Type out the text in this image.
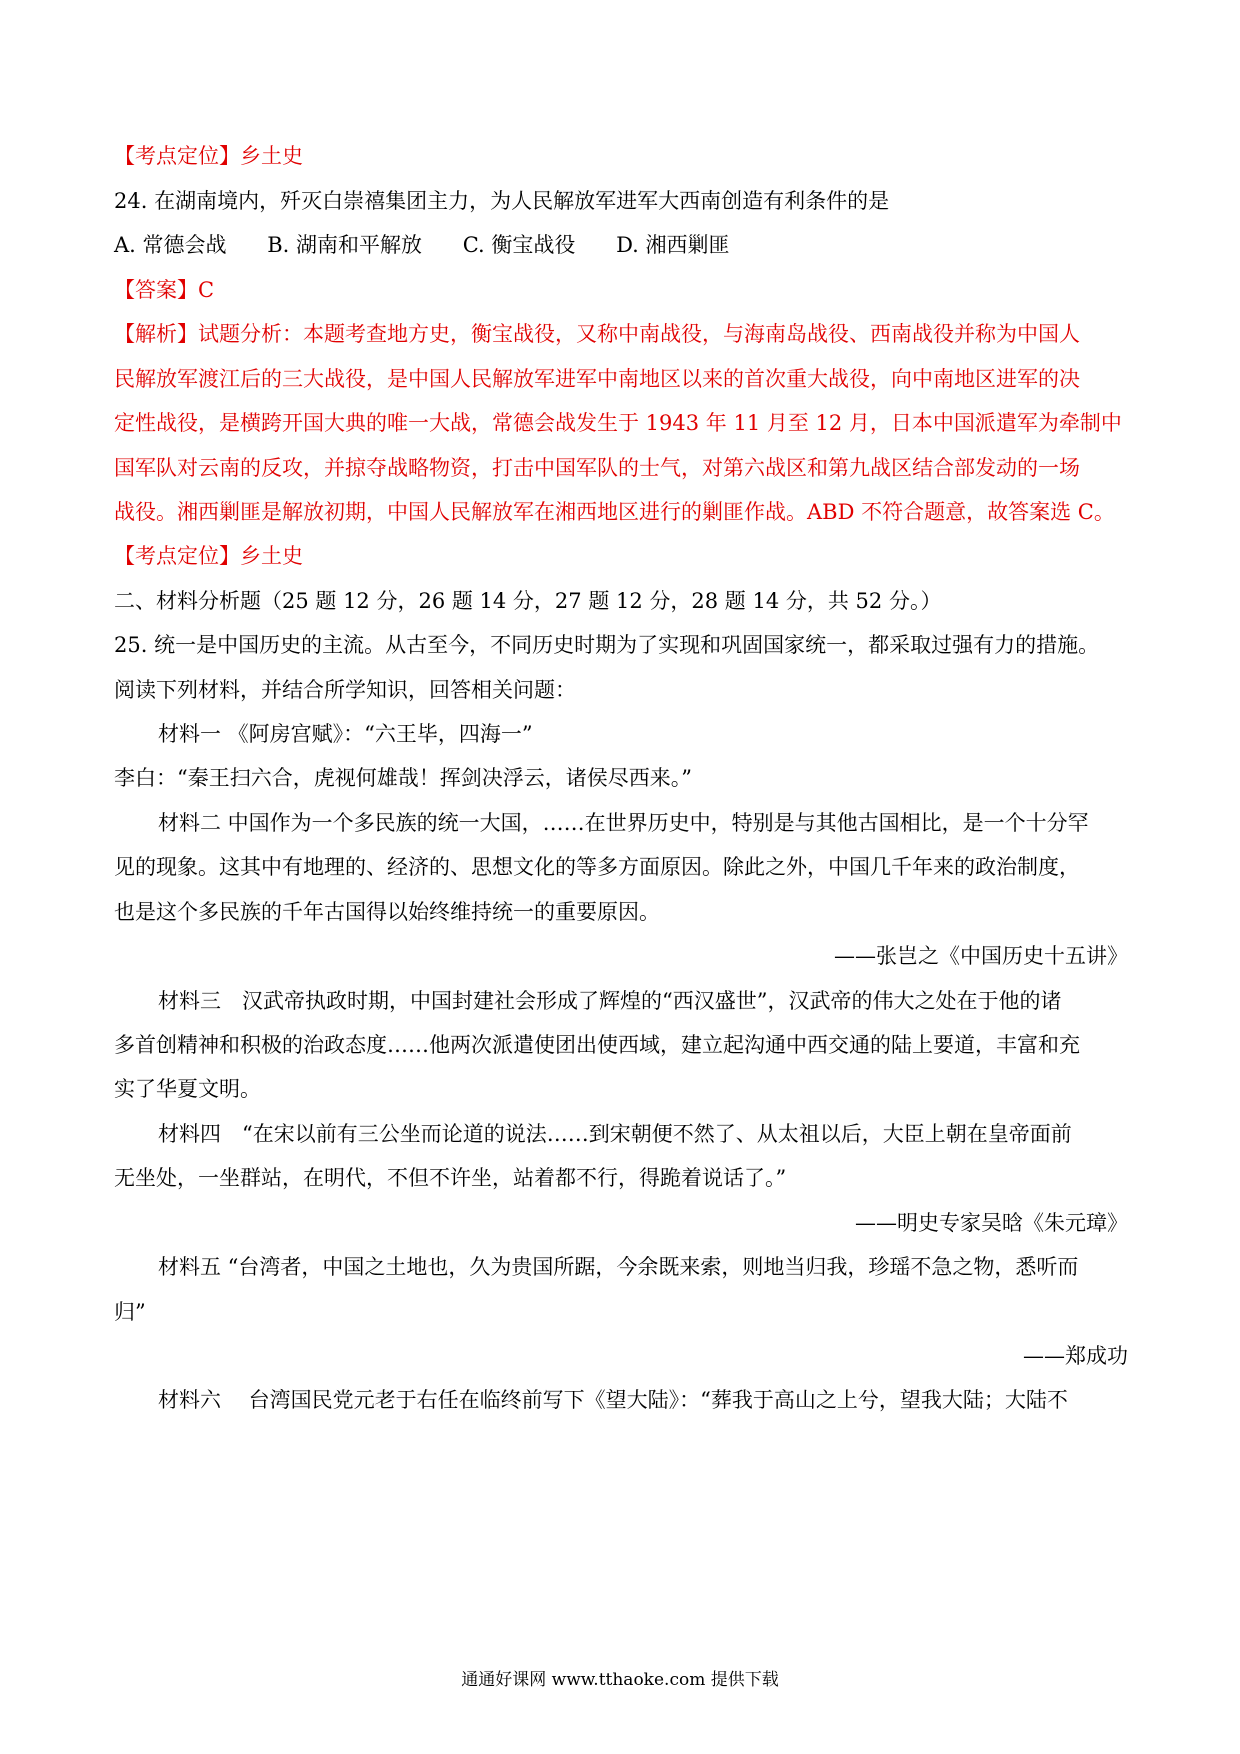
【考点定位】乡土史
24. 在湖南境内，歼灭白崇禧集团主力，为人民解放军进军大西南创造有利条件的是
A. 常德会战 B. 湖南和平解放 C. 衡宝战役 D. 湘西剿匪
【答案】C
【解析】试题分析：本题考查地方史，衡宝战役，又称中南战役，与海南岛战役、西南战役并称为中国人
民解放军渡江后的三大战役，是中国人民解放军进军中南地区以来的首次重大战役，向中南地区进军的决
定性战役，是横跨开国大典的唯一大战，常德会战发生于 1943 年 11 月至 12 月，日本中国派遣军为牵制中
国军队对云南的反攻，并掠夺战略物资，打击中国军队的士气，对第六战区和第九战区结合部发动的一场
战役。湘西剿匪是解放初期，中国人民解放军在湘西地区进行的剿匪作战。ABD 不符合题意，故答案选 C。
【考点定位】乡土史
二、材料分析题（25 题 12 分，26 题 14 分，27 题 12 分，28 题 14 分，共 52 分。）
25. 统一是中国历史的主流。从古至今，不同历史时期为了实现和巩固国家统一，都采取过强有力的措施。
阅读下列材料，并结合所学知识，回答相关问题：
材料一 《阿房宫赋》：“六王毕，四海一”
李白：“秦王扫六合，虎视何雄哉！挥剑决浮云，诸侯尽西来。”
材料二 中国作为一个多民族的统一大国，……在世界历史中，特别是与其他古国相比，是一个十分罕
见的现象。这其中有地理的、经济的、思想文化的等多方面原因。除此之外，中国几千年来的政治制度，
也是这个多民族的千年古国得以始终维持统一的重要原因。
——张岂之《中国历史十五讲》
材料三　汉武帝执政时期，中国封建社会形成了辉煌的“西汉盛世”，汉武帝的伟大之处在于他的诸
多首创精神和积极的治政态度……他两次派遣使团出使西域，建立起沟通中西交通的陆上要道，丰富和充
实了华夏文明。
材料四　“在宋以前有三公坐而论道的说法……到宋朝便不然了、从太祖以后，大臣上朝在皇帝面前
无坐处，一坐群站，在明代，不但不许坐，站着都不行，得跪着说话了。”
——明史专家吴晗《朱元璋》
材料五 “台湾者，中国之土地也，久为贵国所踞，今余既来索，则地当归我，珍瑶不急之物，悉听而
归”
——郑成功
材料六　 台湾国民党元老于右任在临终前写下《望大陆》：“葬我于高山之上兮，望我大陆；大陆不
通通好课网 www.tthaoke.com 提供下载
